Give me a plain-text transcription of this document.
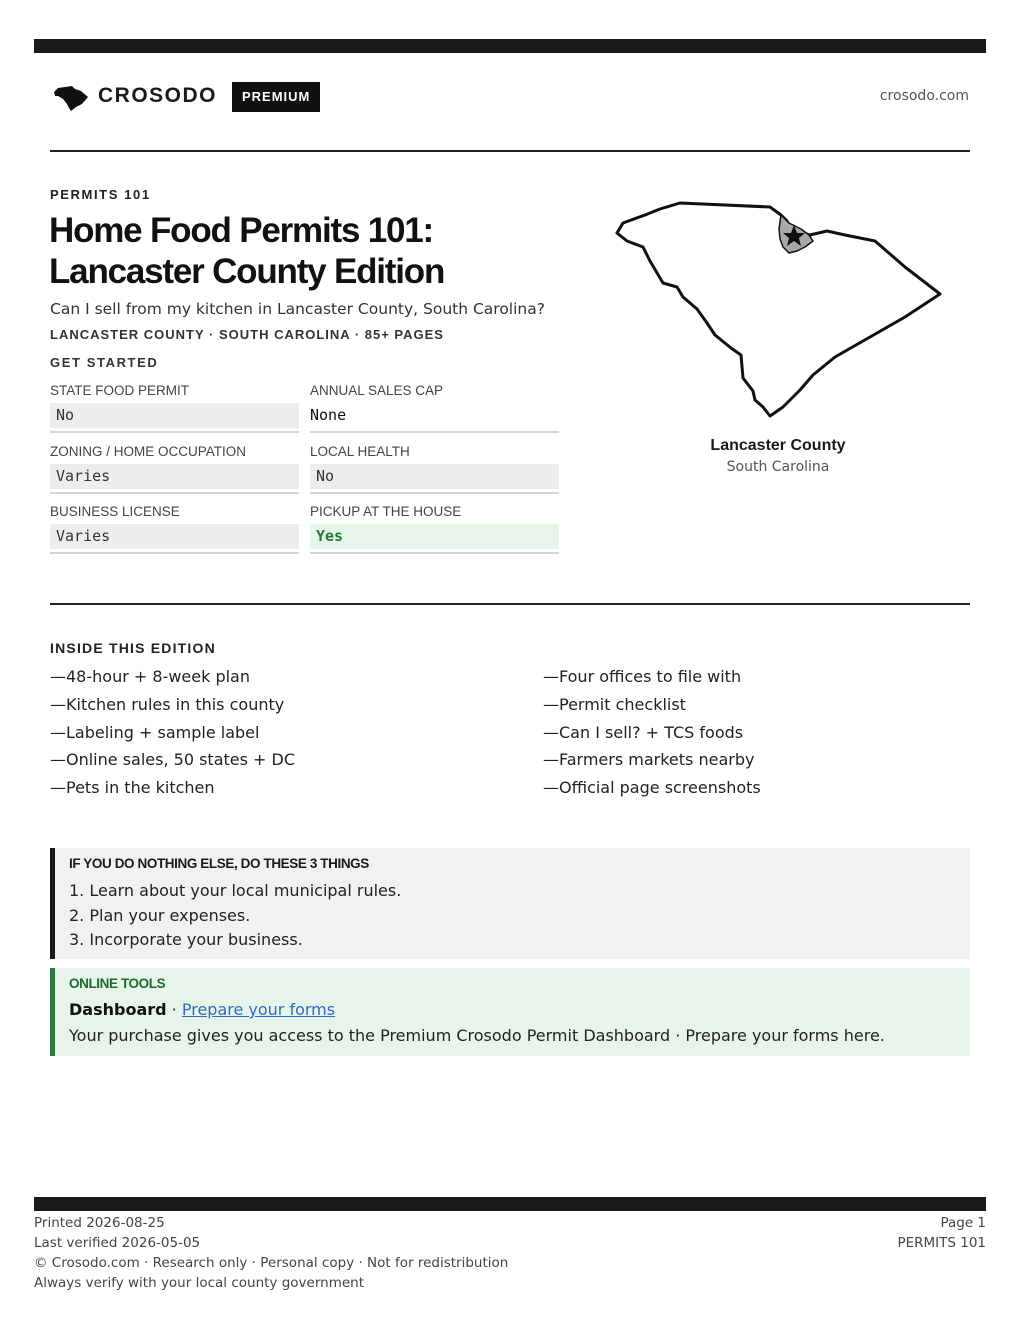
CROSODO	PREMIUM	crosodo.com
PERMITS 101
Home Food Permits 101:
Lancaster County Edition
Can I sell from my kitchen in Lancaster County, South Carolina?
LANCASTER COUNTY · SOUTH CAROLINA · 85+ PAGES
GET STARTED
STATE FOOD PERMIT
No
ANNUAL SALES CAP
None
ZONING / HOME OCCUPATION
Varies
LOCAL HEALTH
No
BUSINESS LICENSE
Varies
PICKUP AT THE HOUSE
Yes
Lancaster County
South Carolina
INSIDE THIS EDITION
—48-hour + 8-week plan
—Kitchen rules in this county
—Labeling + sample label
—Online sales, 50 states + DC
—Pets in the kitchen
—Four offices to file with
—Permit checklist
—Can I sell? + TCS foods
—Farmers markets nearby
—Official page screenshots
IF YOU DO NOTHING ELSE, DO THESE 3 THINGS
1. Learn about your local municipal rules.
2. Plan your expenses.
3. Incorporate your business.
ONLINE TOOLS
Dashboard · Prepare your forms
Your purchase gives you access to the Premium Crosodo Permit Dashboard · Prepare your forms here.
Printed 2026-08-25
Last verified 2026-05-05
© Crosodo.com · Research only · Personal copy · Not for redistribution
Always verify with your local county government
Page 1
PERMITS 101
